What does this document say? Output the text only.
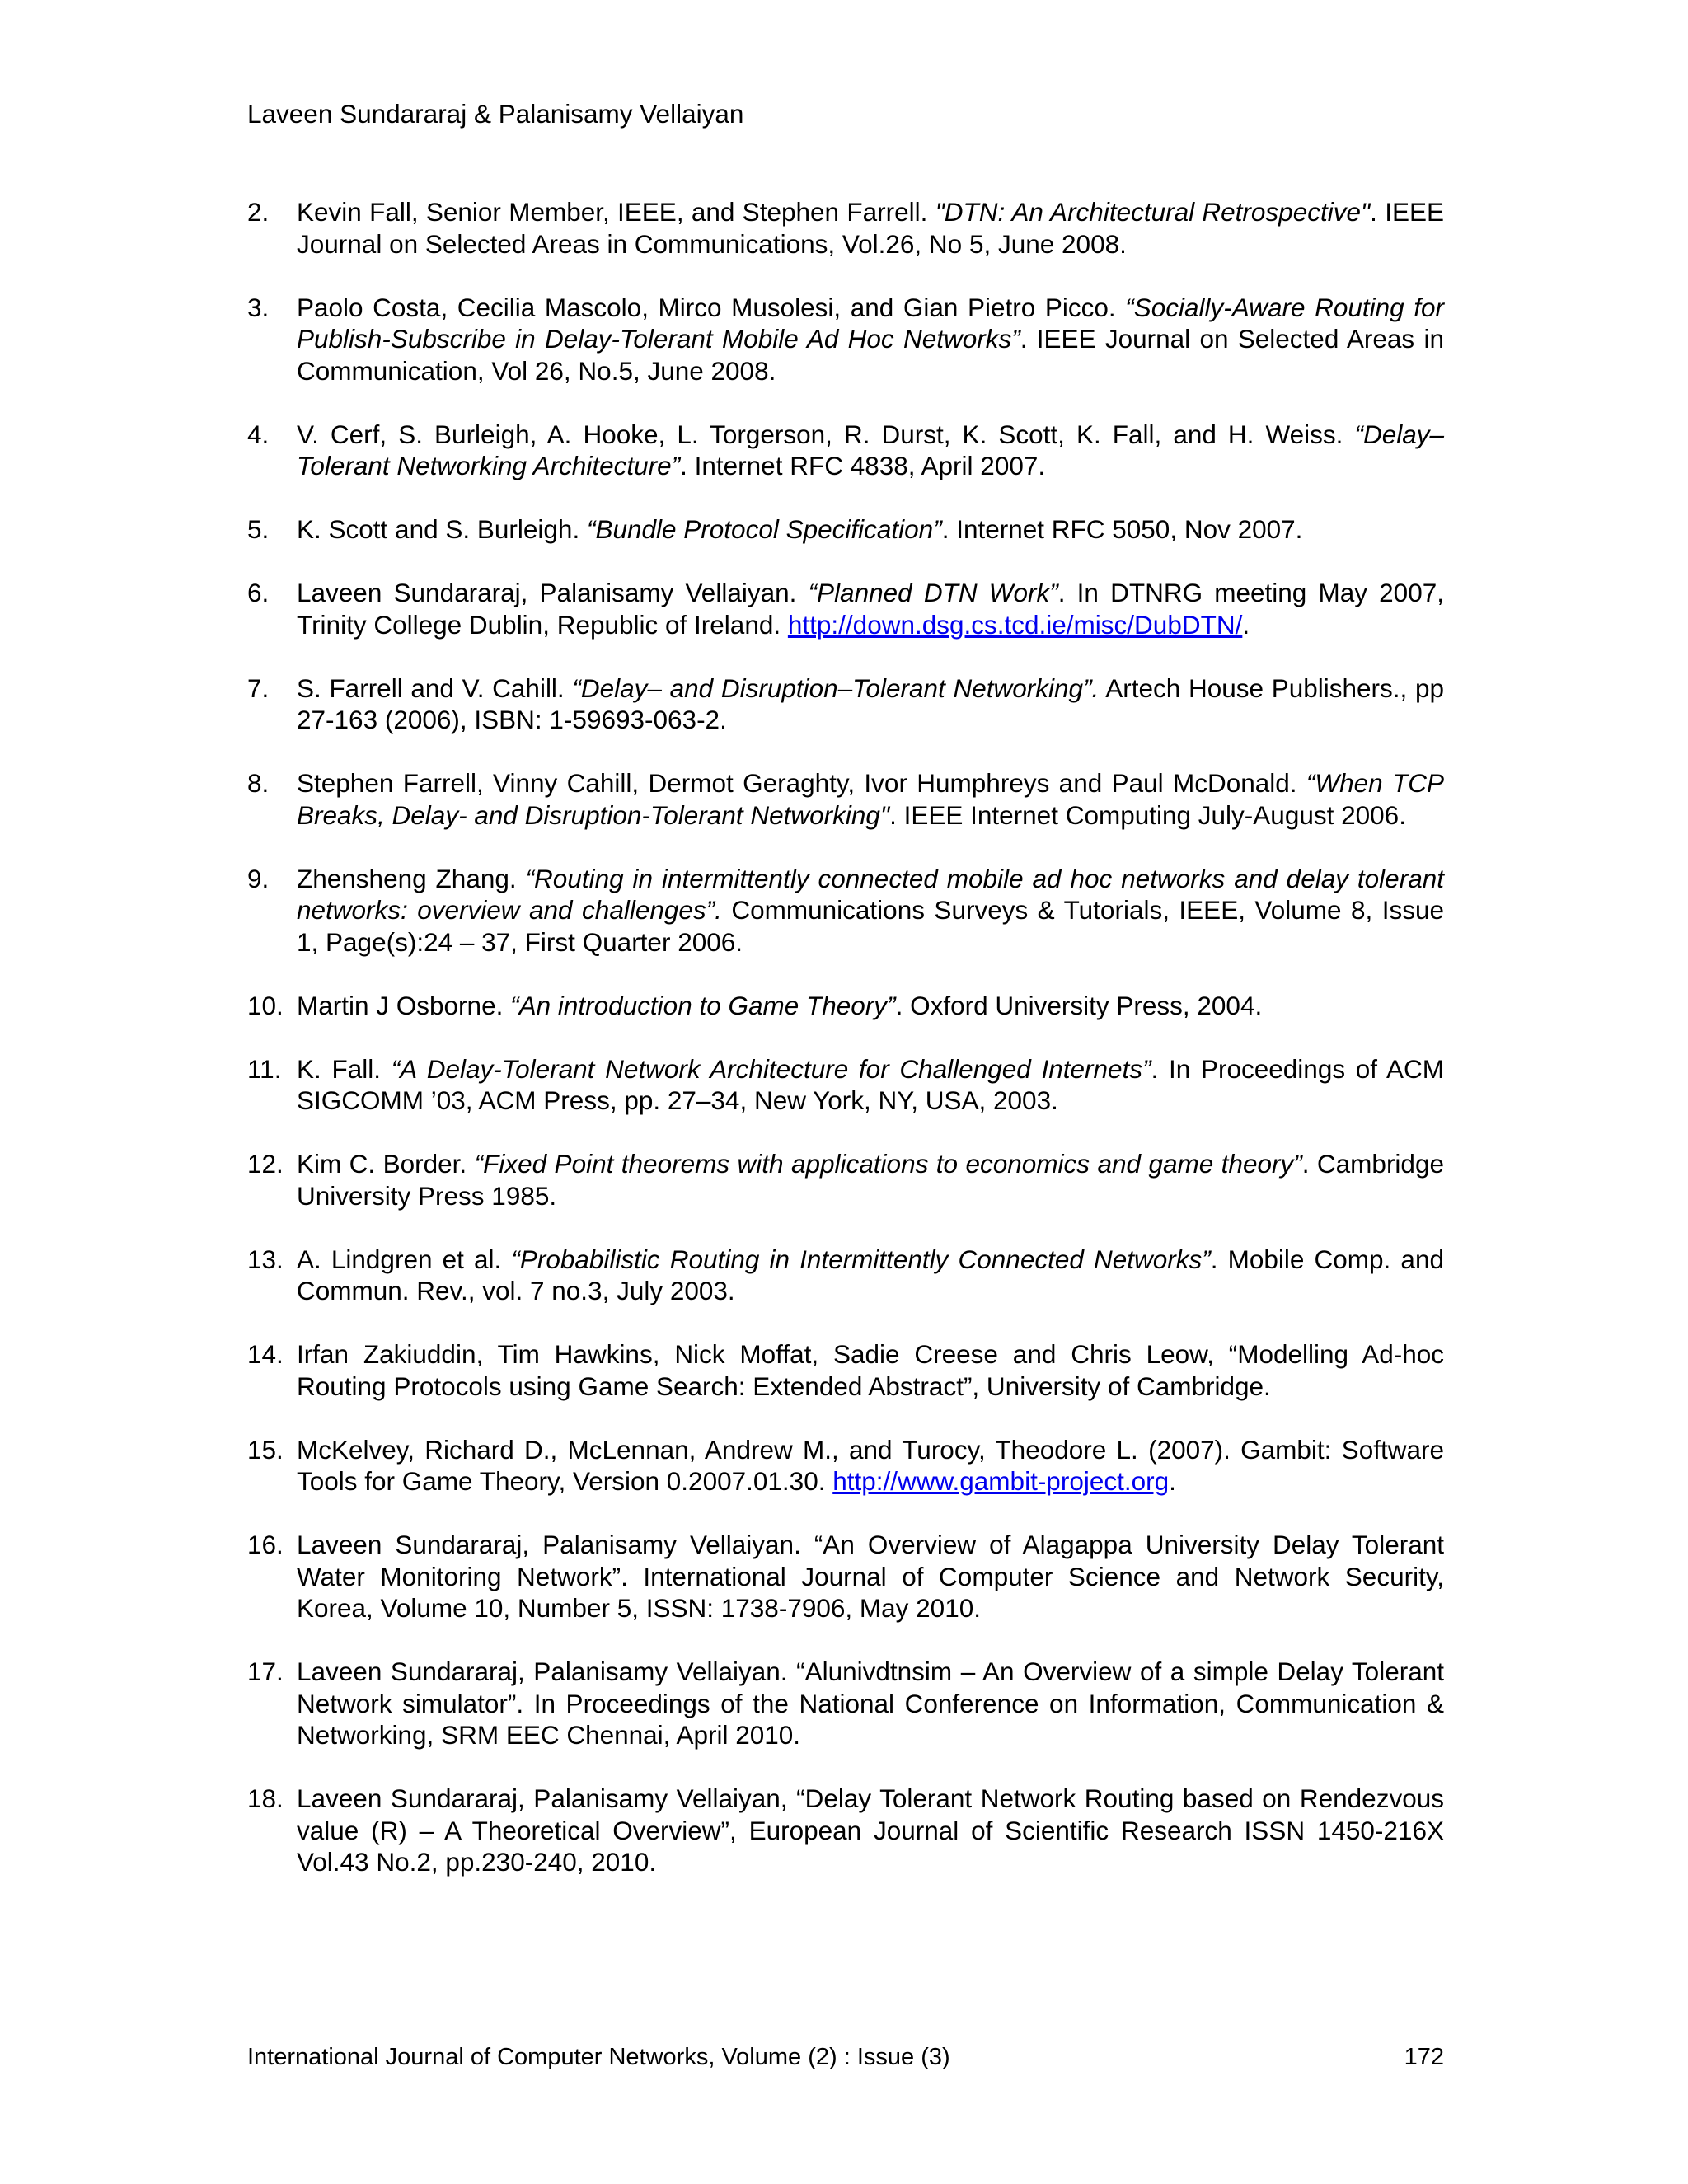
Laveen Sundararaj & Palanisamy Vellaiyan
2.	Kevin Fall, Senior Member, IEEE, and Stephen Farrell. "DTN: An Architectural Retrospective". IEEE Journal on Selected Areas in Communications, Vol.26, No 5, June 2008.
3.	Paolo Costa, Cecilia Mascolo, Mirco Musolesi, and Gian Pietro Picco. “Socially-Aware Routing for Publish-Subscribe in Delay-Tolerant Mobile Ad Hoc Networks”. IEEE Journal on Selected Areas in Communication, Vol 26, No.5, June 2008.
4.	V. Cerf, S. Burleigh, A. Hooke, L. Torgerson, R. Durst, K. Scott, K. Fall, and H. Weiss. “Delay–Tolerant Networking Architecture”. Internet RFC 4838, April 2007.
5.	K. Scott and S. Burleigh. “Bundle Protocol Specification”. Internet RFC 5050, Nov 2007.
6.	Laveen Sundararaj, Palanisamy Vellaiyan. “Planned DTN Work”. In DTNRG meeting May 2007, Trinity College Dublin, Republic of Ireland. http://down.dsg.cs.tcd.ie/misc/DubDTN/.
7.	S. Farrell and V. Cahill. “Delay– and Disruption–Tolerant Networking”. Artech House Publishers., pp 27-163 (2006), ISBN: 1-59693-063-2.
8.	Stephen Farrell, Vinny Cahill, Dermot Geraghty, Ivor Humphreys and Paul McDonald. “When TCP Breaks, Delay- and Disruption-Tolerant Networking". IEEE Internet Computing July-August 2006.
9.	Zhensheng Zhang. “Routing in intermittently connected mobile ad hoc networks and delay tolerant networks: overview and challenges”. Communications Surveys & Tutorials, IEEE, Volume 8, Issue 1, Page(s):24 – 37, First Quarter 2006.
10. Martin J Osborne. “An introduction to Game Theory”. Oxford University Press, 2004.
11. K. Fall. “A Delay-Tolerant Network Architecture for Challenged Internets”. In Proceedings of ACM SIGCOMM ’03, ACM Press, pp. 27–34, New York, NY, USA, 2003.
12. Kim C. Border. “Fixed Point theorems with applications to economics and game theory”. Cambridge University Press 1985.
13. A. Lindgren et al. “Probabilistic Routing in Intermittently Connected Networks”. Mobile Comp. and Commun. Rev., vol. 7 no.3, July 2003.
14. Irfan Zakiuddin, Tim Hawkins, Nick Moffat, Sadie Creese and Chris Leow, “Modelling Ad-hoc Routing Protocols using Game Search: Extended Abstract”, University of Cambridge.
15. McKelvey, Richard D., McLennan, Andrew M., and Turocy, Theodore L. (2007). Gambit: Software Tools for Game Theory, Version 0.2007.01.30. http://www.gambit-project.org.
16. Laveen Sundararaj, Palanisamy Vellaiyan. “An Overview of Alagappa University Delay Tolerant Water Monitoring Network”. International Journal of Computer Science and Network Security, Korea, Volume 10, Number 5, ISSN: 1738-7906, May 2010.
17. Laveen Sundararaj, Palanisamy Vellaiyan. “Alunivdtnsim – An Overview of a simple Delay Tolerant Network simulator”. In Proceedings of the National Conference on Information, Communication & Networking, SRM EEC Chennai, April 2010.
18. Laveen Sundararaj, Palanisamy Vellaiyan, “Delay Tolerant Network Routing based on Rendezvous value (R) – A Theoretical Overview”, European Journal of Scientific Research ISSN 1450-216X Vol.43 No.2, pp.230-240, 2010.
International Journal of Computer Networks, Volume (2) : Issue (3)	172
